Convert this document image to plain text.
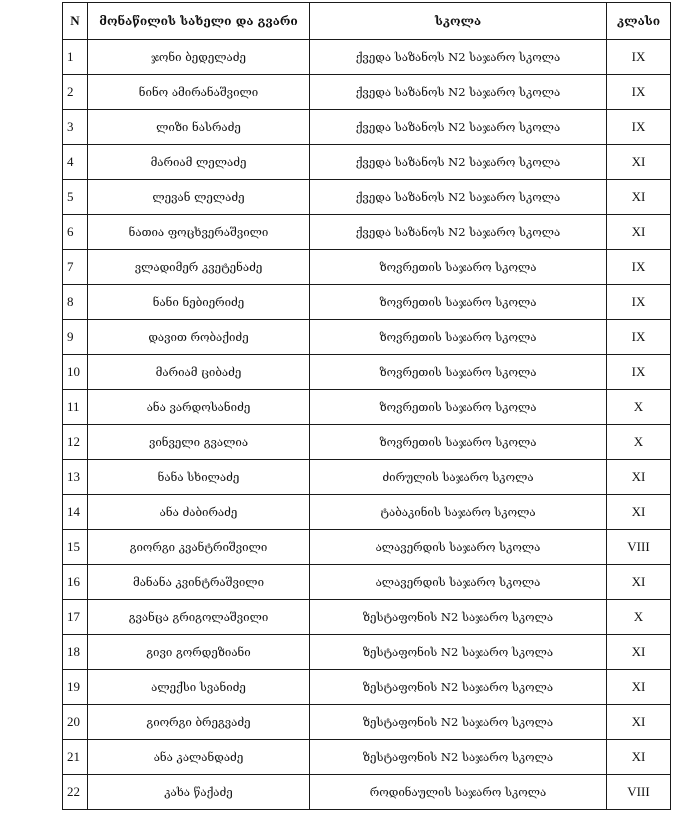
N	მონაწილის სახელი და გვარი	სკოლა	კლასი
1	ჯონი ბედელაძე	ქვედა საზანოს N2 საჯარო სკოლა	IX
2	ნინო ამირანაშვილი	ქვედა საზანოს N2 საჯარო სკოლა	IX
3	ლიზი ნასრაძე	ქვედა საზანოს N2 საჯარო სკოლა	IX
4	მარიამ ლელაძე	ქვედა საზანოს N2 საჯარო სკოლა	XI
5	ლევან ლელაძე	ქვედა საზანოს N2 საჯარო სკოლა	XI
6	ნათია ფოცხვერაშვილი	ქვედა საზანოს N2 საჯარო სკოლა	XI
7	ვლადიმერ კვეტენაძე	ზოვრეთის საჯარო სკოლა	IX
8	ნანი ნებიერიძე	ზოვრეთის საჯარო სკოლა	IX
9	დავით რობაქიძე	ზოვრეთის საჯარო სკოლა	IX
10	მარიამ ციბაძე	ზოვრეთის საჯარო სკოლა	IX
11	ანა ვარდოსანიძე	ზოვრეთის საჯარო სკოლა	X
12	ვინველი გვალია	ზოვრეთის საჯარო სკოლა	X
13	ნანა სხილაძე	ძირულის საჯარო სკოლა	XI
14	ანა ძაბირაძე	ტაბაკინის საჯარო სკოლა	XI
15	გიორგი კვანტრიშვილი	ალავერდის საჯარო სკოლა	VIII
16	მანანა კვინტრაშვილი	ალავერდის საჯარო სკოლა	XI
17	გვანცა გრიგოლაშვილი	ზესტაფონის N2 საჯარო სკოლა	X
18	გივი გორდეზიანი	ზესტაფონის N2 საჯარო სკოლა	XI
19	ალექსი სვანიძე	ზესტაფონის N2 საჯარო სკოლა	XI
20	გიორგი ბრეგვაძე	ზესტაფონის N2 საჯარო სკოლა	XI
21	ანა კალანდაძე	ზესტაფონის N2 საჯარო სკოლა	XI
22	კახა წაქაძე	როდინაულის საჯარო სკოლა	VIII
